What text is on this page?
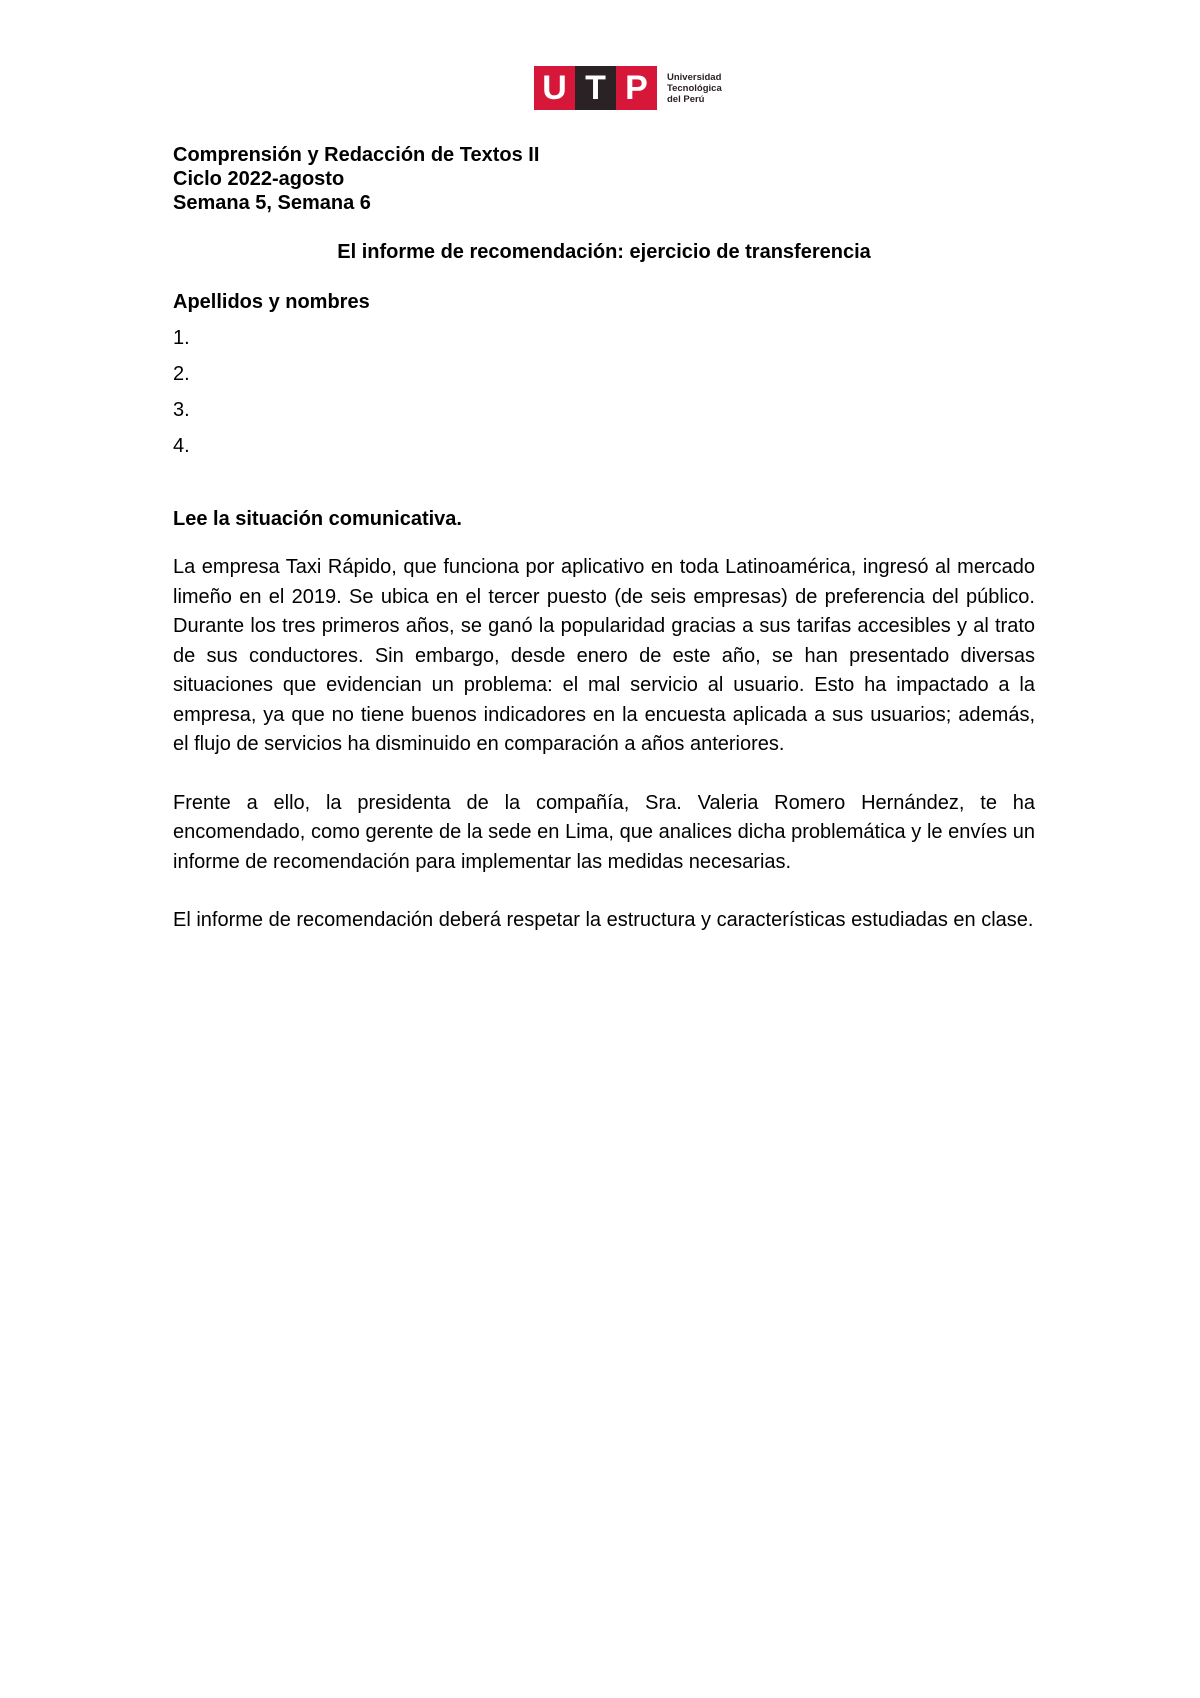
U T P	Universidad
Tecnológica
del Perú
Comprensión y Redacción de Textos II
Ciclo 2022-agosto
Semana 5, Semana 6
El informe de recomendación: ejercicio de transferencia
Apellidos y nombres
1.
2.
3.
4.
Lee la situación comunicativa.

La empresa Taxi Rápido, que funciona por aplicativo en toda Latinoamérica, ingresó al mercado limeño en el 2019. Se ubica en el tercer puesto (de seis empresas) de preferencia del público. Durante los tres primeros años, se ganó la popularidad gracias a sus tarifas accesibles y al trato de sus conductores. Sin embargo, desde enero de este año, se han presentado diversas situaciones que evidencian un problema: el mal servicio al usuario. Esto ha impactado a la empresa, ya que no tiene buenos indicadores en la encuesta aplicada a sus usuarios; además, el flujo de servicios ha disminuido en comparación a años anteriores.

Frente a ello, la presidenta de la compañía, Sra. Valeria Romero Hernández, te ha encomendado, como gerente de la sede en Lima, que analices dicha problemática y le envíes un informe de recomendación para implementar las medidas necesarias.

El informe de recomendación deberá respetar la estructura y características estudiadas en clase.
